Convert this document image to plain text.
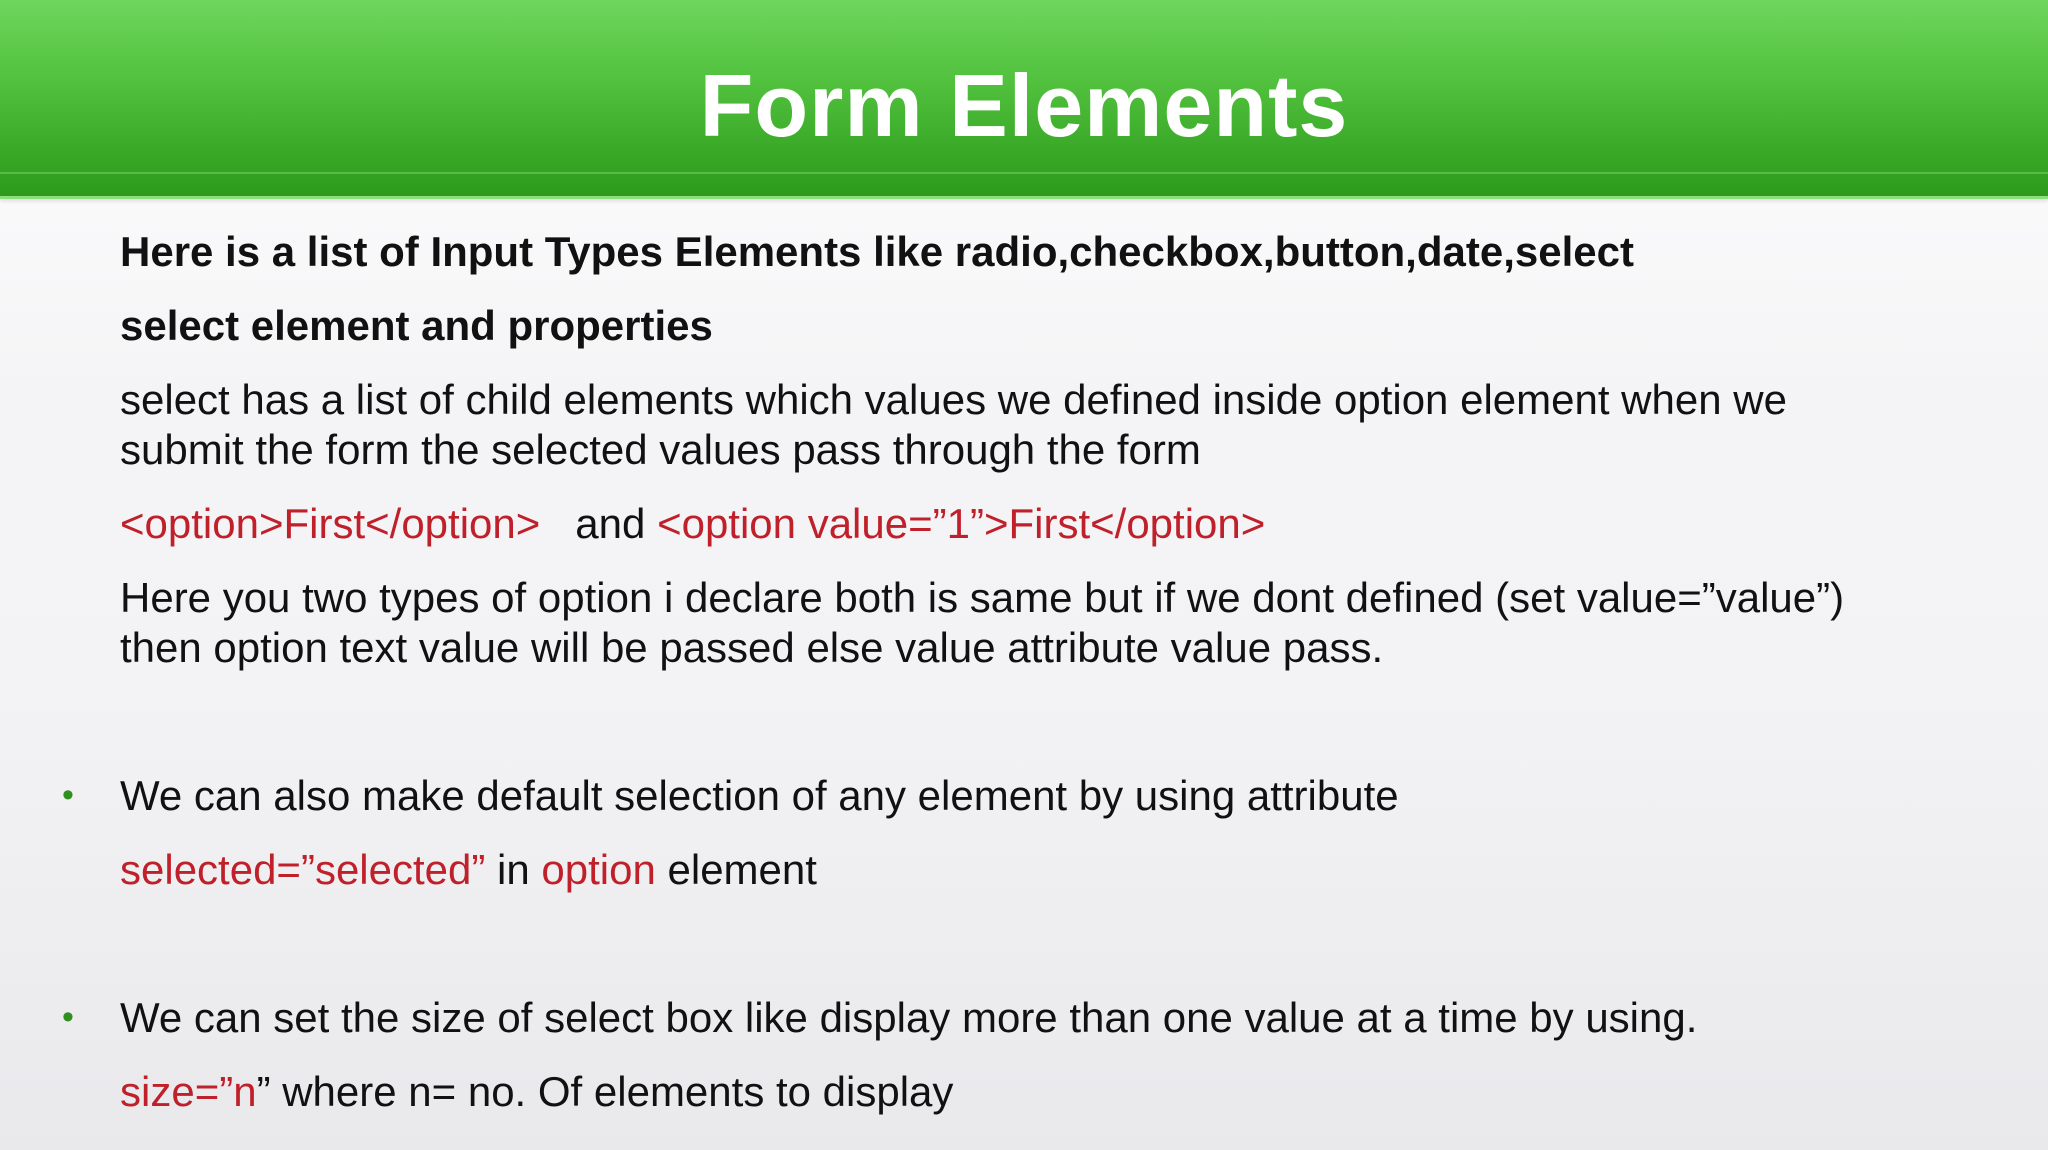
Form Elements
Here is a list of Input Types Elements like radio,checkbox,button,date,select
select element and properties
select has a list of child elements which values we defined inside option element when we
submit the form the selected values pass through the form
<option>First</option>   and <option value=”1”>First</option>
Here you two types of option i declare both is same but if we dont defined (set value=”value”)
then option text value will be passed else value attribute value pass.
• We can also make default selection of any element by using attribute
selected=”selected” in option element
• We can set the size of select box like display more than one value at a time by using.
size=”n” where n= no. Of elements to display
